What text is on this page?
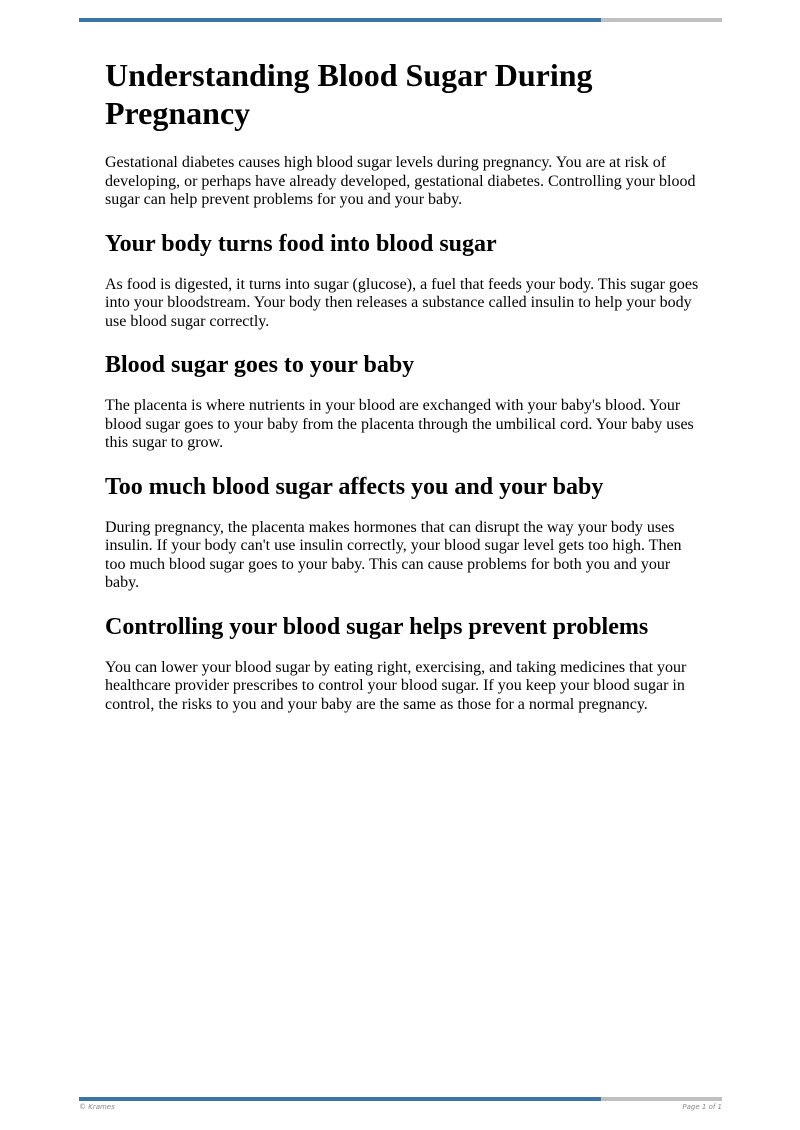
Understanding Blood Sugar During Pregnancy

Gestational diabetes causes high blood sugar levels during pregnancy. You are at risk of developing, or perhaps have already developed, gestational diabetes. Controlling your blood sugar can help prevent problems for you and your baby.

Your body turns food into blood sugar

As food is digested, it turns into sugar (glucose), a fuel that feeds your body. This sugar goes into your bloodstream. Your body then releases a substance called insulin to help your body use blood sugar correctly.

Blood sugar goes to your baby

The placenta is where nutrients in your blood are exchanged with your baby's blood. Your blood sugar goes to your baby from the placenta through the umbilical cord. Your baby uses this sugar to grow.

Too much blood sugar affects you and your baby

During pregnancy, the placenta makes hormones that can disrupt the way your body uses insulin. If your body can't use insulin correctly, your blood sugar level gets too high. Then too much blood sugar goes to your baby. This can cause problems for both you and your baby.

Controlling your blood sugar helps prevent problems

You can lower your blood sugar by eating right, exercising, and taking medicines that your healthcare provider prescribes to control your blood sugar. If you keep your blood sugar in control, the risks to you and your baby are the same as those for a normal pregnancy.

© Krames	Page 1 of 1
